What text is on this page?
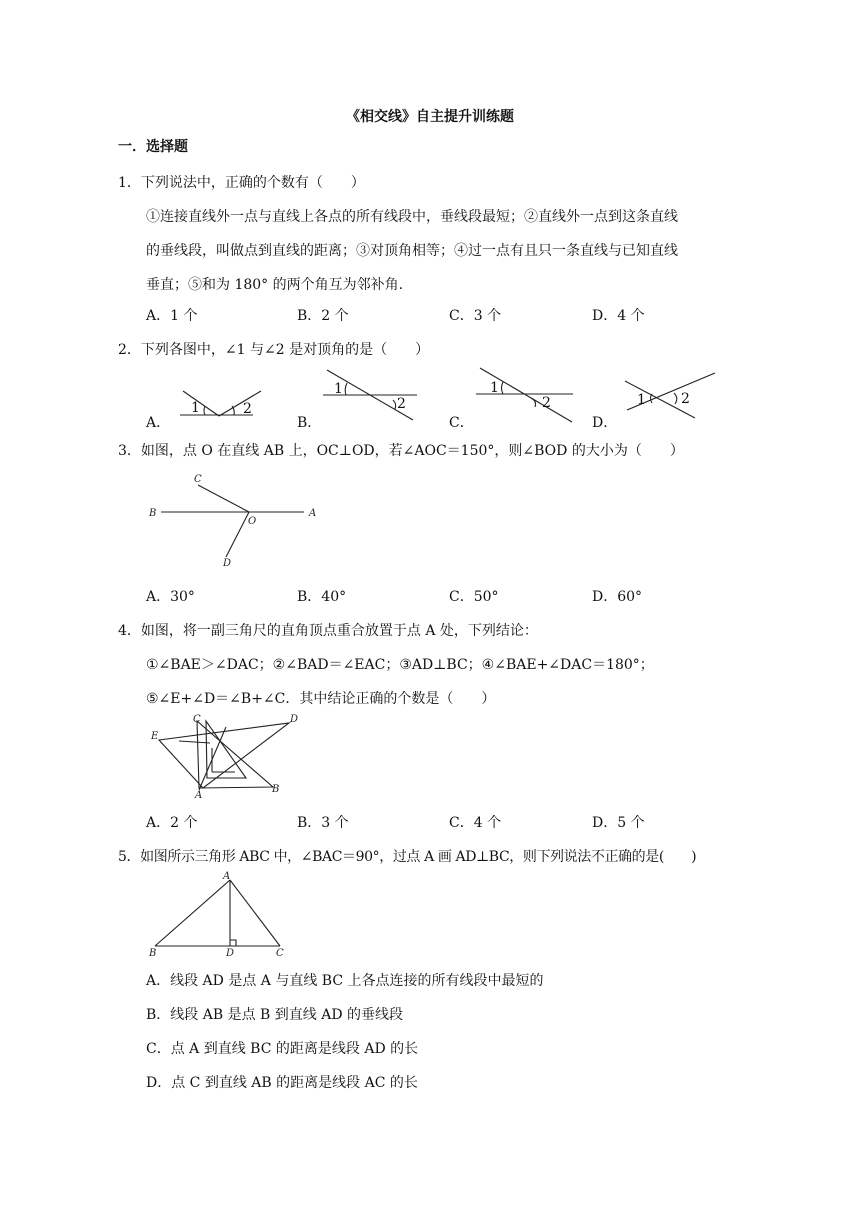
《相交线》自主提升训练题
一．选择题
1．下列说法中，正确的个数有（　　）
①连接直线外一点与直线上各点的所有线段中，垂线段最短；②直线外一点到这条直线
的垂线段，叫做点到直线的距离；③对顶角相等；④过一点有且只一条直线与已知直线
垂直；⑤和为 180° 的两个角互为邻补角.
A．1 个	B．2 个	C．3 个	D．4 个
2．下列各图中，∠1 与∠2 是对顶角的是（　　）
A．	B．	C．	D．
1	2
1
2
1
2	1	2
C
B
O
A
D
C	D
E
A
B
A
B	D	C
3．如图，点 O 在直线 AB 上，OC⊥OD，若∠AOC＝150°，则∠BOD 的大小为（　　）
A．30°	B．40°	C．50°	D．60°
4．如图，将一副三角尺的直角顶点重合放置于点 A 处，下列结论：
①∠BAE＞∠DAC；②∠BAD＝∠EAC；③AD⊥BC；④∠BAE+∠DAC＝180°；
⑤∠E+∠D＝∠B+∠C．其中结论正确的个数是（　　）
A．2 个	B．3 个	C．4 个	D．5 个
5．如图所示三角形 ABC 中，∠BAC＝90°，过点 A 画 AD⊥BC，则下列说法不正确的是(　　)
A．线段 AD 是点 A 与直线 BC 上各点连接的所有线段中最短的
B．线段 AB 是点 B 到直线 AD 的垂线段
C．点 A 到直线 BC 的距离是线段 AD 的长
D．点 C 到直线 AB 的距离是线段 AC 的长
